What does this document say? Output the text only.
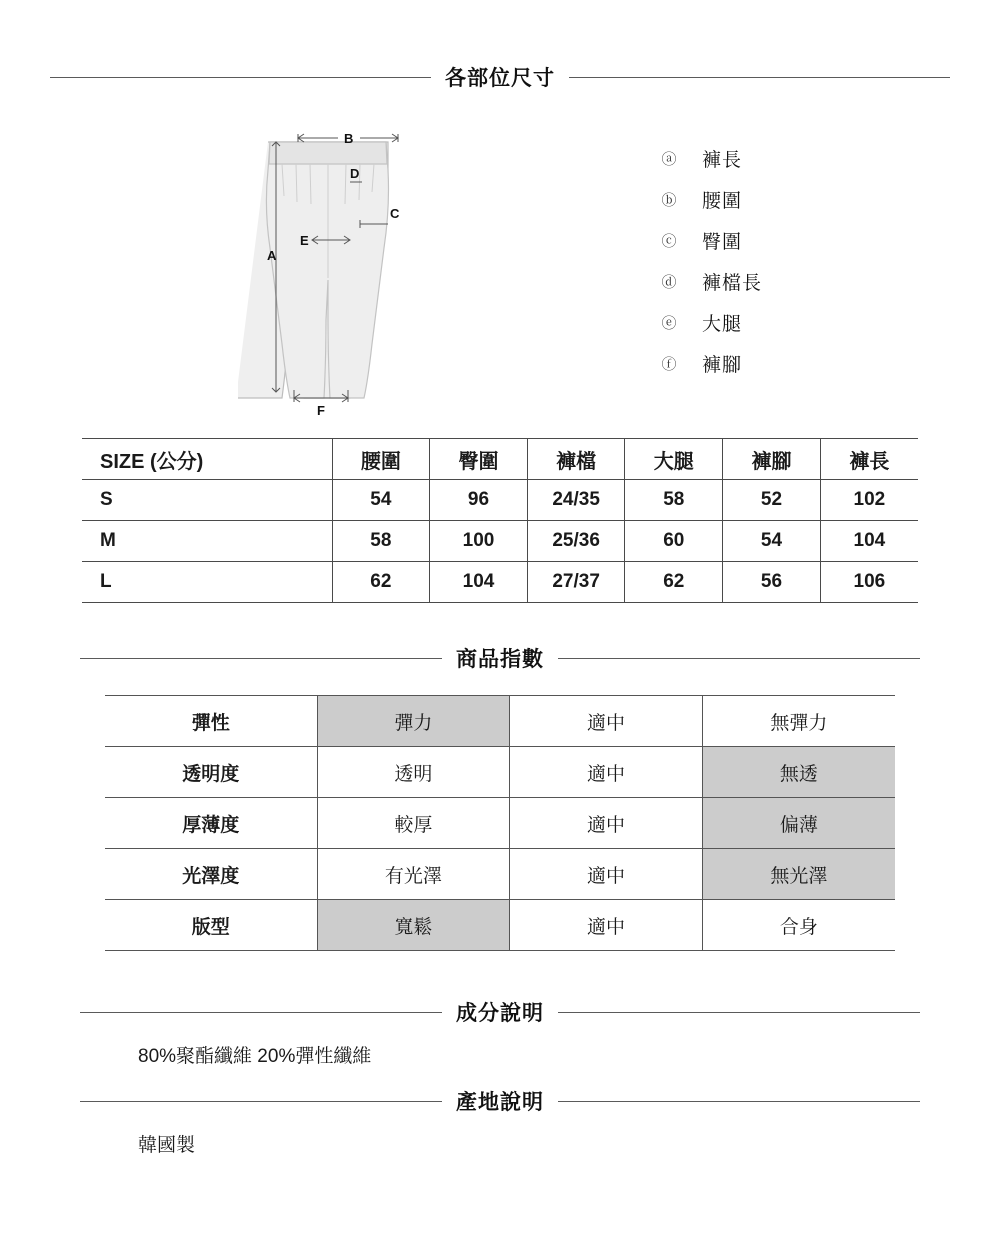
各部位尺寸
B
A
C
D
E
F
ⓐ 褲長
ⓑ 腰圍
ⓒ 臀圍
ⓓ 褲檔長
ⓔ 大腿
ⓕ 褲腳
SIZE (公分)	腰圍	臀圍	褲檔	大腿	褲腳	褲長
S	54	96	24/35	58	52	102
M	58	100	25/36	60	54	104
L	62	104	27/37	62	56	106
商品指數
彈性	彈力	適中	無彈力
透明度	透明	適中	無透
厚薄度	較厚	適中	偏薄
光澤度	有光澤	適中	無光澤
版型	寬鬆	適中	合身
成分說明
80%聚酯纖維 20%彈性纖維
產地說明
韓國製
